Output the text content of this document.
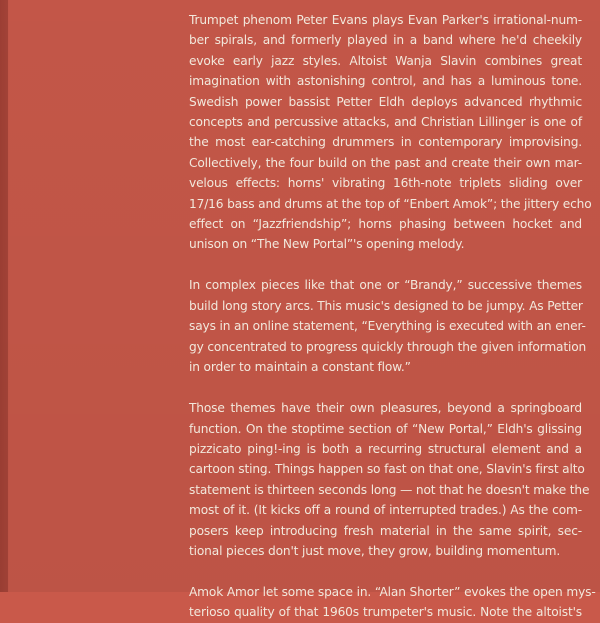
Trumpet phenom Peter Evans plays Evan Parker's irrational-num-
ber spirals, and formerly played in a band where he'd cheekily
evoke early jazz styles. Altoist Wanja Slavin combines great
imagination with astonishing control, and has a luminous tone.
Swedish power bassist Petter Eldh deploys advanced rhythmic
concepts and percussive attacks, and Christian Lillinger is one of
the most ear-catching drummers in contemporary improvising.
Collectively, the four build on the past and create their own mar-
velous effects: horns' vibrating 16th-note triplets sliding over
17/16 bass and drums at the top of “Enbert Amok”; the jittery echo
effect on “Jazzfriendship”; horns phasing between hocket and
unison on “The New Portal”'s opening melody.

In complex pieces like that one or “Brandy,” successive themes
build long story arcs. This music's designed to be jumpy. As Petter
says in an online statement, “Everything is executed with an ener-
gy concentrated to progress quickly through the given information
in order to maintain a constant flow.”

Those themes have their own pleasures, beyond a springboard
function. On the stoptime section of “New Portal,” Eldh's glissing
pizzicato ping!-ing is both a recurring structural element and a
cartoon sting. Things happen so fast on that one, Slavin's first alto
statement is thirteen seconds long — not that he doesn't make the
most of it. (It kicks off a round of interrupted trades.) As the com-
posers keep introducing fresh material in the same spirit, sec-
tional pieces don't just move, they grow, building momentum.

Amok Amor let some space in. “Alan Shorter” evokes the open mys-
terioso quality of that 1960s trumpeter's music. Note the altoist's
